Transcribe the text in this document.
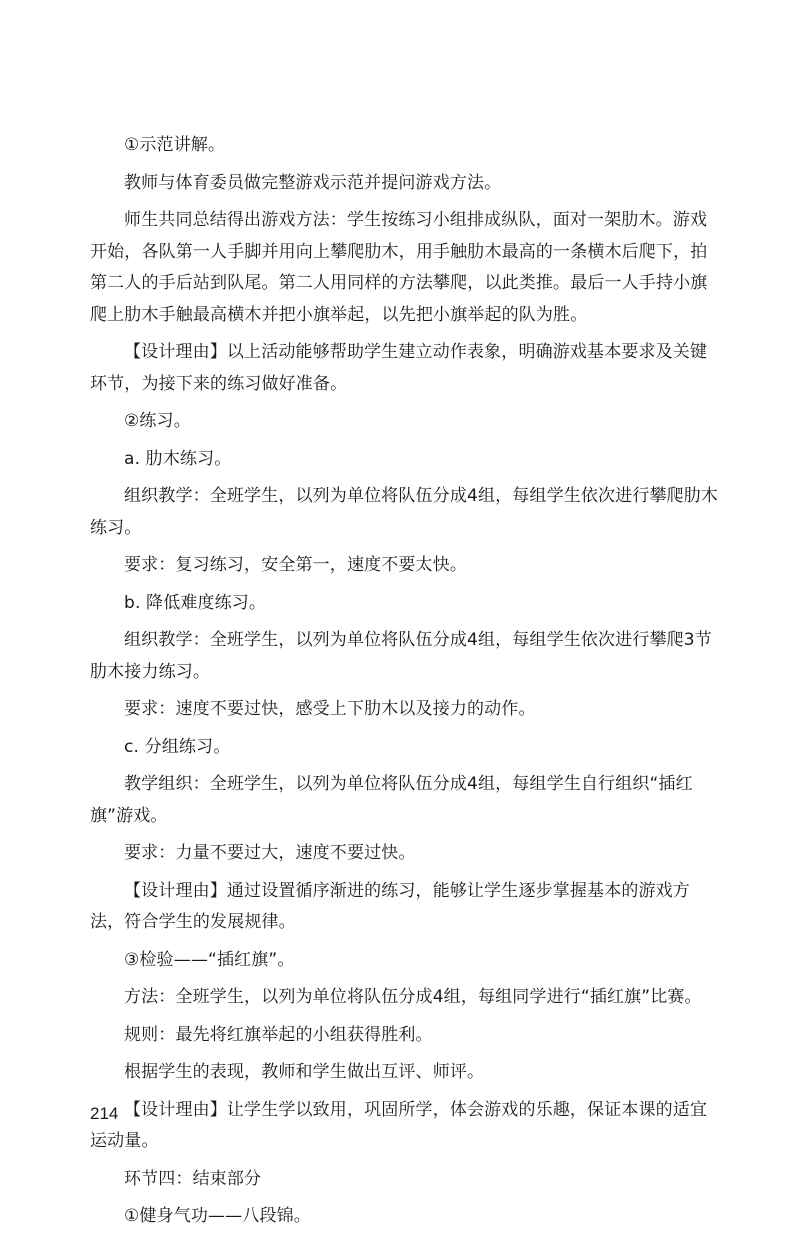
①示范讲解。

教师与体育委员做完整游戏示范并提问游戏方法。

师生共同总结得出游戏方法：学生按练习小组排成纵队，面对一架肋木。游戏开始，各队第一人手脚并用向上攀爬肋木，用手触肋木最高的一条横木后爬下，拍第二人的手后站到队尾。第二人用同样的方法攀爬，以此类推。最后一人手持小旗爬上肋木手触最高横木并把小旗举起，以先把小旗举起的队为胜。

【设计理由】以上活动能够帮助学生建立动作表象，明确游戏基本要求及关键环节，为接下来的练习做好准备。

②练习。

a. 肋木练习。

组织教学：全班学生，以列为单位将队伍分成4组，每组学生依次进行攀爬肋木练习。

要求：复习练习，安全第一，速度不要太快。

b. 降低难度练习。

组织教学：全班学生，以列为单位将队伍分成4组，每组学生依次进行攀爬3节肋木接力练习。

要求：速度不要过快，感受上下肋木以及接力的动作。

c. 分组练习。

教学组织：全班学生，以列为单位将队伍分成4组，每组学生自行组织“插红旗”游戏。

要求：力量不要过大，速度不要过快。

【设计理由】通过设置循序渐进的练习，能够让学生逐步掌握基本的游戏方法，符合学生的发展规律。

③检验——“插红旗”。

方法：全班学生，以列为单位将队伍分成4组，每组同学进行“插红旗”比赛。

规则：最先将红旗举起的小组获得胜利。

根据学生的表现，教师和学生做出互评、师评。

【设计理由】让学生学以致用，巩固所学，体会游戏的乐趣，保证本课的适宜运动量。

环节四：结束部分

①健身气功——八段锦。

214
